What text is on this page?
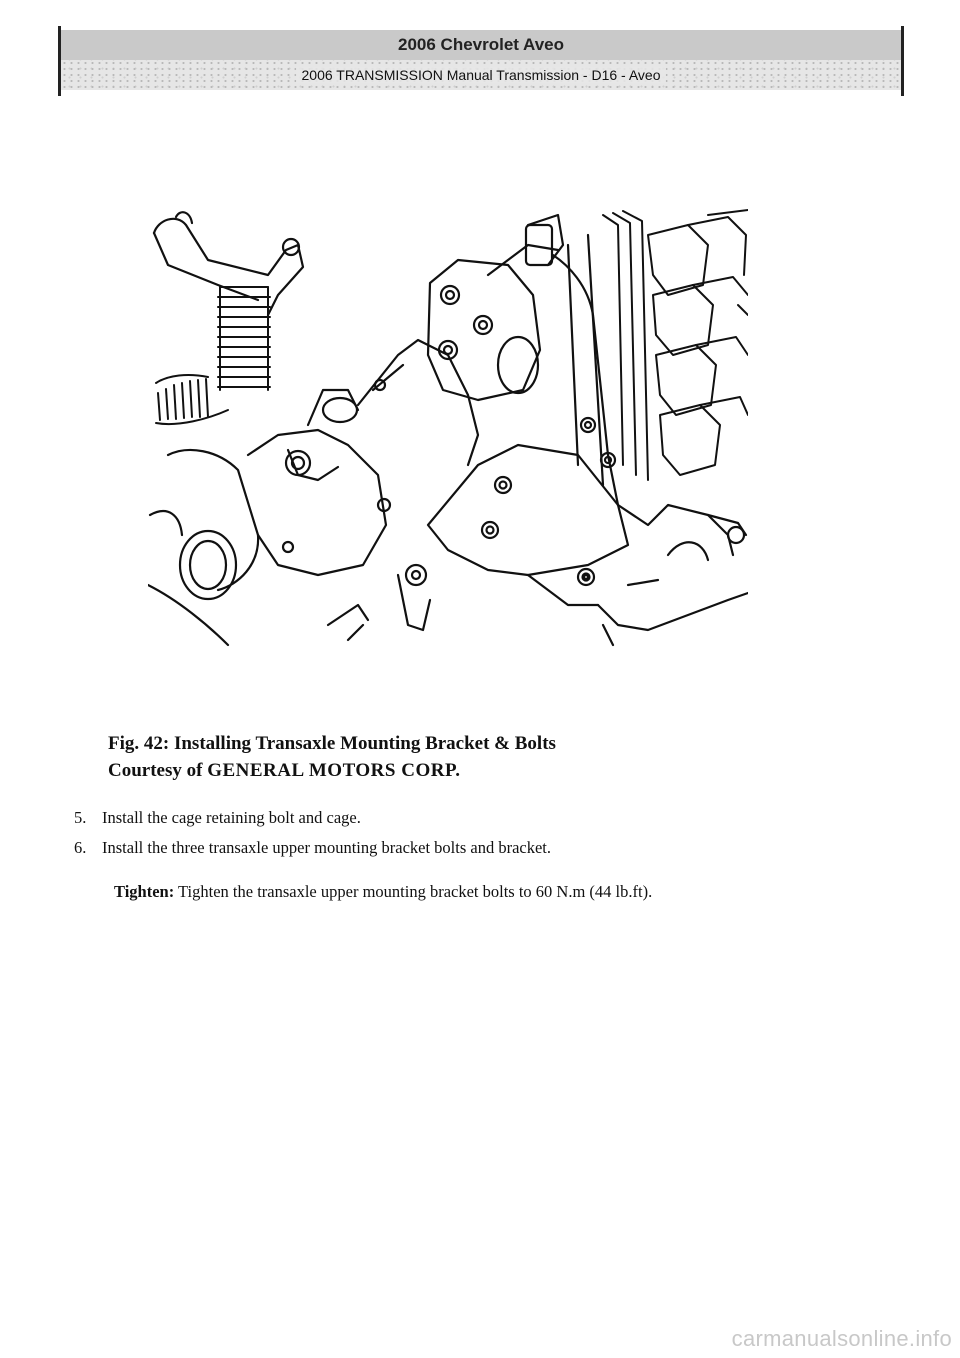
2006 Chevrolet Aveo
2006 TRANSMISSION Manual Transmission - D16 - Aveo
Fig. 42: Installing Transaxle Mounting Bracket & Bolts
Courtesy of GENERAL MOTORS CORP.
5. Install the cage retaining bolt and cage.
6. Install the three transaxle upper mounting bracket bolts and bracket.
Tighten: Tighten the transaxle upper mounting bracket bolts to 60 N.m (44 lb.ft).
carmanualsonline.info
